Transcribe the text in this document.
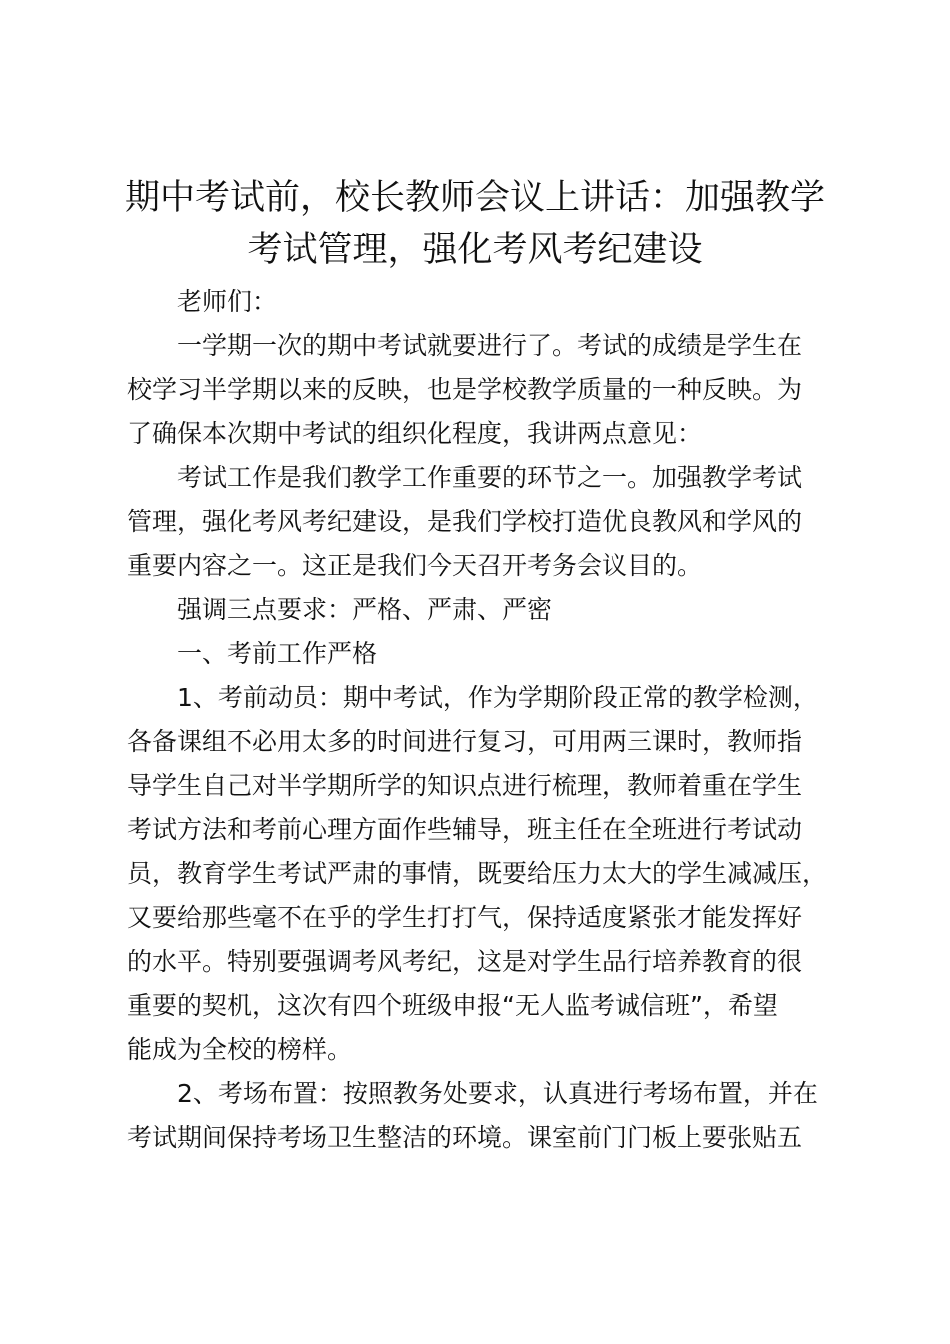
期中考试前，校长教师会议上讲话：加强教学
考试管理，强化考风考纪建设

老师们：

一学期一次的期中考试就要进行了。考试的成绩是学生在
校学习半学期以来的反映，也是学校教学质量的一种反映。为
了确保本次期中考试的组织化程度，我讲两点意见：

考试工作是我们教学工作重要的环节之一。加强教学考试
管理，强化考风考纪建设，是我们学校打造优良教风和学风的
重要内容之一。这正是我们今天召开考务会议目的。

强调三点要求：严格、严肃、严密

一、考前工作严格

1、考前动员：期中考试，作为学期阶段正常的教学检测，
各备课组不必用太多的时间进行复习，可用两三课时，教师指
导学生自己对半学期所学的知识点进行梳理，教师着重在学生
考试方法和考前心理方面作些辅导，班主任在全班进行考试动
员，教育学生考试严肃的事情，既要给压力太大的学生减减压，
又要给那些毫不在乎的学生打打气，保持适度紧张才能发挥好
的水平。特别要强调考风考纪，这是对学生品行培养教育的很
重要的契机，这次有四个班级申报“无人监考诚信班”，希望
能成为全校的榜样。

2、考场布置：按照教务处要求，认真进行考场布置，并在
考试期间保持考场卫生整洁的环境。课室前门门板上要张贴五
